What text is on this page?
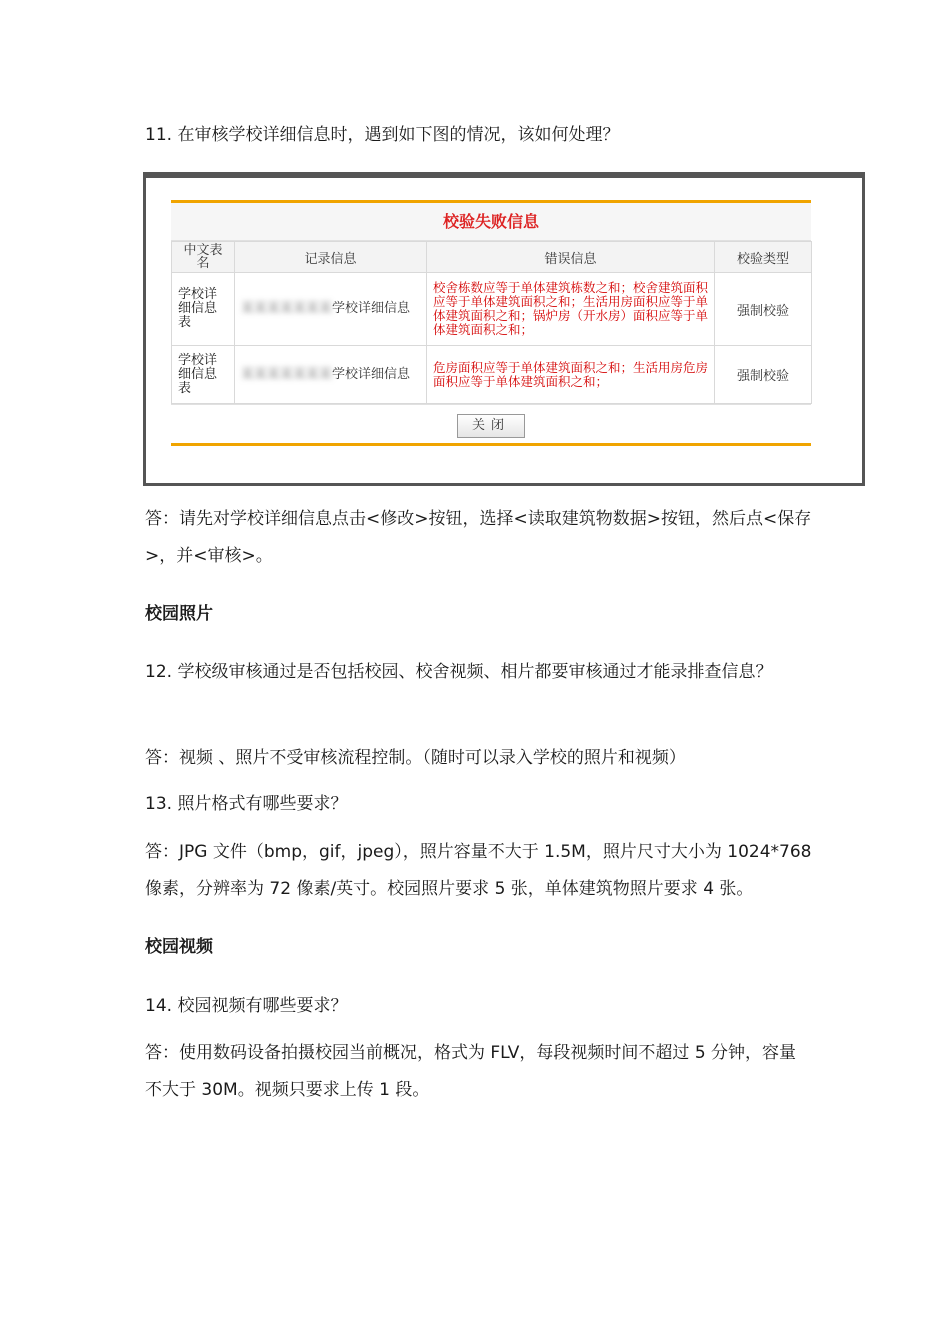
11. 在审核学校详细信息时，遇到如下图的情况，该如何处理？

校验失败信息
中文表名	记录信息	错误信息	校验类型
学校详细信息表	某某某某某某某学校详细信息	校舍栋数应等于单体建筑栋数之和；校舍建筑面积应等于单体建筑面积之和；生活用房面积应等于单体建筑面积之和；锅炉房（开水房）面积应等于单体建筑面积之和；	强制校验
学校详细信息表	某某某某某某某学校详细信息	危房面积应等于单体建筑面积之和；生活用房危房面积应等于单体建筑面积之和；	强制校验
关闭

答：请先对学校详细信息点击<修改>按钮，选择<读取建筑物数据>按钮，然后点<保存>，并<审核>。

校园照片

12. 学校级审核通过是否包括校园、校舍视频、相片都要审核通过才能录排查信息？

答：视频 、照片不受审核流程控制。（随时可以录入学校的照片和视频）

13. 照片格式有哪些要求？

答：JPG 文件（bmp，gif，jpeg），照片容量不大于 1.5M，照片尺寸大小为 1024*768 像素，分辨率为 72 像素/英寸。校园照片要求 5 张，单体建筑物照片要求 4 张。

校园视频

14. 校园视频有哪些要求？

答：使用数码设备拍摄校园当前概况，格式为 FLV，每段视频时间不超过 5 分钟，容量不大于 30M。视频只要求上传 1 段。
